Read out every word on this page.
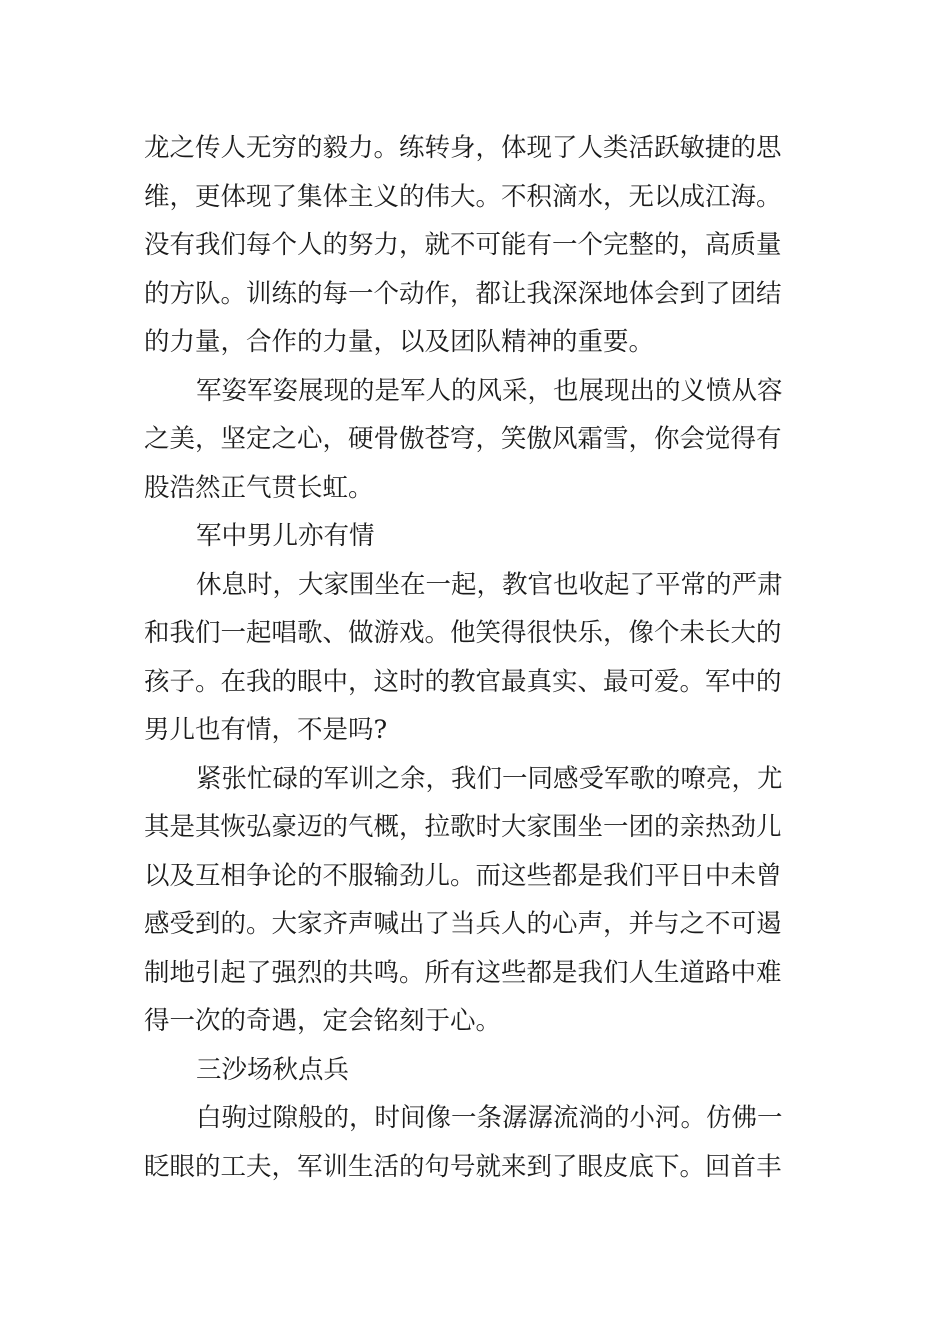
龙之传人无穷的毅力。练转身，体现了人类活跃敏捷的思
维，更体现了集体主义的伟大。不积滴水，无以成江海。
没有我们每个人的努力，就不可能有一个完整的，高质量
的方队。训练的每一个动作，都让我深深地体会到了团结
的力量，合作的力量，以及团队精神的重要。
军姿军姿展现的是军人的风采，也展现出的义愤从容
之美，坚定之心，硬骨傲苍穹，笑傲风霜雪，你会觉得有
股浩然正气贯长虹。
军中男儿亦有情
休息时，大家围坐在一起，教官也收起了平常的严肃
和我们一起唱歌、做游戏。他笑得很快乐，像个未长大的
孩子。在我的眼中，这时的教官最真实、最可爱。军中的
男儿也有情，不是吗?
紧张忙碌的军训之余，我们一同感受军歌的嘹亮，尤
其是其恢弘豪迈的气概，拉歌时大家围坐一团的亲热劲儿
以及互相争论的不服输劲儿。而这些都是我们平日中未曾
感受到的。大家齐声喊出了当兵人的心声，并与之不可遏
制地引起了强烈的共鸣。所有这些都是我们人生道路中难
得一次的奇遇，定会铭刻于心。
三沙场秋点兵
白驹过隙般的，时间像一条潺潺流淌的小河。仿佛一
眨眼的工夫，军训生活的句号就来到了眼皮底下。回首丰
